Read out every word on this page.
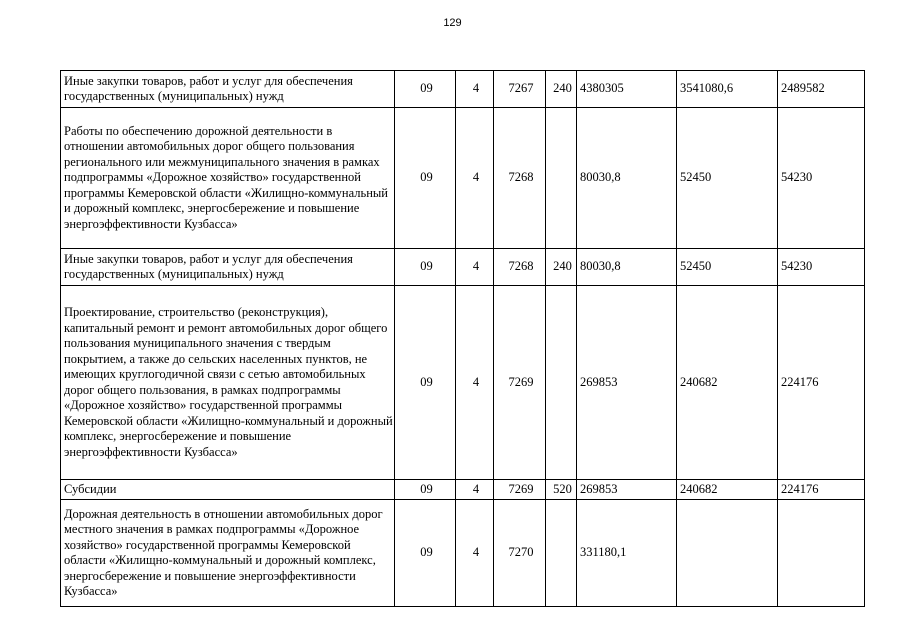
129
Иные закупки товаров, работ и услуг для обеспечения государственных (муниципальных) нужд	09	4	7267	240	4380305	3541080,6	2489582
Работы по обеспечению дорожной деятельности в отношении автомобильных дорог общего пользования регионального или межмуниципального значения в рамках подпрограммы «Дорожное хозяйство» государственной программы Кемеровской области «Жилищно-коммунальный и дорожный комплекс, энергосбережение и повышение энергоэффективности Кузбасса»	09	4	7268		80030,8	52450	54230
Иные закупки товаров, работ и услуг для обеспечения государственных (муниципальных) нужд	09	4	7268	240	80030,8	52450	54230
Проектирование, строительство (реконструкция), капитальный ремонт и ремонт автомобильных дорог общего пользования муниципального значения с твердым покрытием, а также до сельских населенных пунктов, не имеющих круглогодичной связи с сетью автомобильных дорог общего пользования, в рамках подпрограммы «Дорожное хозяйство» государственной программы Кемеровской области «Жилищно-коммунальный и дорожный комплекс, энергосбережение и повышение энергоэффективности Кузбасса»	09	4	7269		269853	240682	224176
Субсидии	09	4	7269	520	269853	240682	224176
Дорожная деятельность в отношении автомобильных дорог местного значения в рамках подпрограммы «Дорожное хозяйство» государственной программы Кемеровской области «Жилищно-коммунальный и дорожный комплекс, энергосбережение и повышение энергоэффективности Кузбасса»	09	4	7270		331180,1		
